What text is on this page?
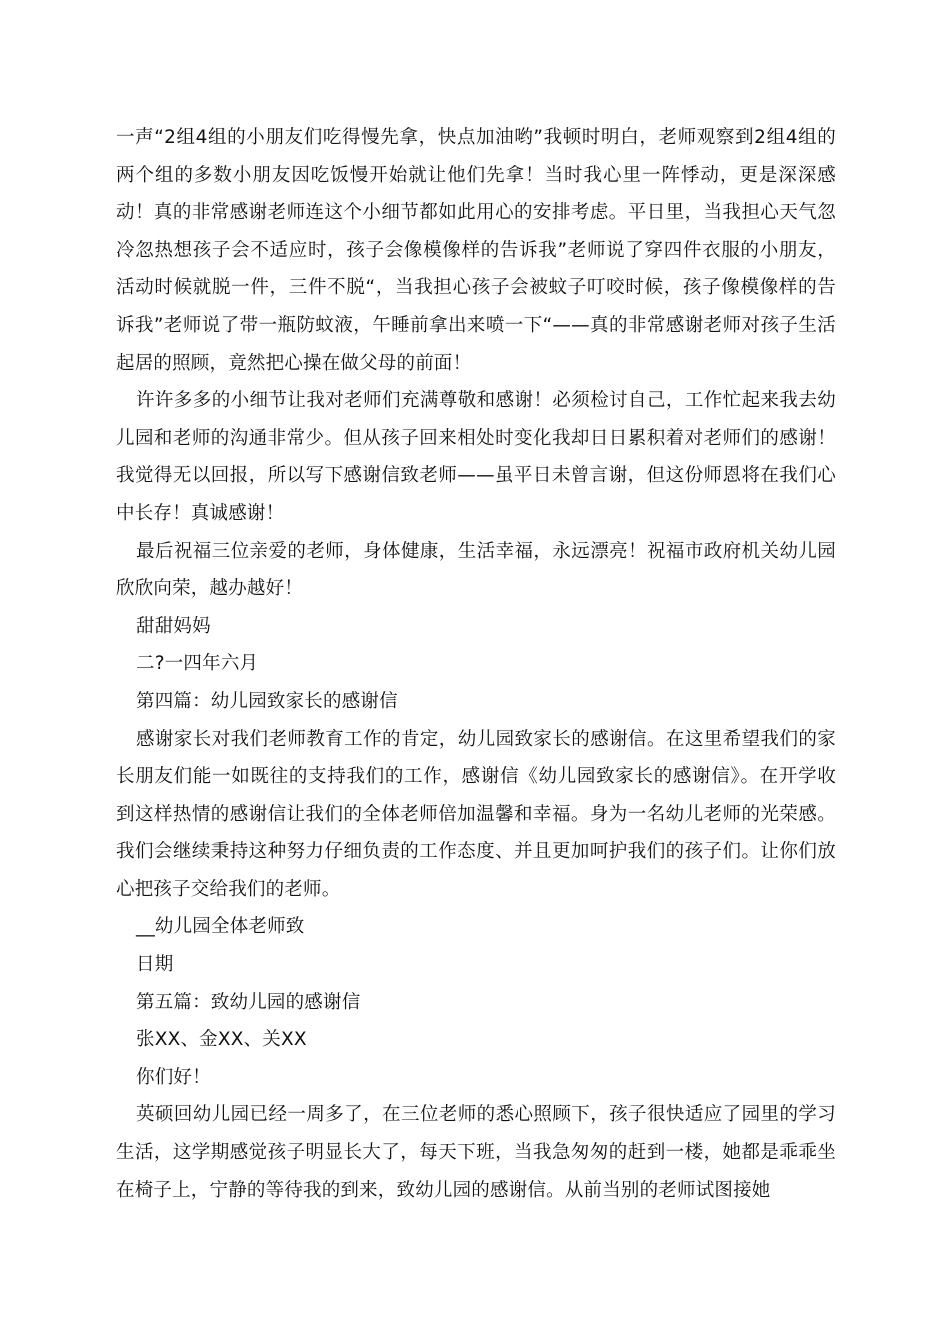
一声“2组4组的小朋友们吃得慢先拿，快点加油哟”我顿时明白，老师观察到2组4组的两个组的多数小朋友因吃饭慢开始就让他们先拿！当时我心里一阵悸动，更是深深感动！真的非常感谢老师连这个小细节都如此用心的安排考虑。平日里，当我担心天气忽冷忽热想孩子会不适应时，孩子会像模像样的告诉我”老师说了穿四件衣服的小朋友，活动时候就脱一件，三件不脱“，当我担心孩子会被蚊子叮咬时候，孩子像模像样的告诉我”老师说了带一瓶防蚊液，午睡前拿出来喷一下“——真的非常感谢老师对孩子生活起居的照顾，竟然把心操在做父母的前面！

许许多多的小细节让我对老师们充满尊敬和感谢！必须检讨自己，工作忙起来我去幼儿园和老师的沟通非常少。但从孩子回来相处时变化我却日日累积着对老师们的感谢！我觉得无以回报，所以写下感谢信致老师——虽平日未曾言谢，但这份师恩将在我们心中长存！真诚感谢！

最后祝福三位亲爱的老师，身体健康，生活幸福，永远漂亮！祝福市政府机关幼儿园欣欣向荣，越办越好！

甜甜妈妈

二?一四年六月

第四篇：幼儿园致家长的感谢信

感谢家长对我们老师教育工作的肯定，幼儿园致家长的感谢信。在这里希望我们的家长朋友们能一如既往的支持我们的工作，感谢信《幼儿园致家长的感谢信》。在开学收到这样热情的感谢信让我们的全体老师倍加温馨和幸福。身为一名幼儿老师的光荣感。我们会继续秉持这种努力仔细负责的工作态度、并且更加呵护我们的孩子们。让你们放心把孩子交给我们的老师。

__幼儿园全体老师致

日期

第五篇：致幼儿园的感谢信

张XX、金XX、关XX

你们好！

英硕回幼儿园已经一周多了，在三位老师的悉心照顾下，孩子很快适应了园里的学习生活，这学期感觉孩子明显长大了，每天下班，当我急匆匆的赶到一楼，她都是乖乖坐在椅子上，宁静的等待我的到来，致幼儿园的感谢信。从前当别的老师试图接她
